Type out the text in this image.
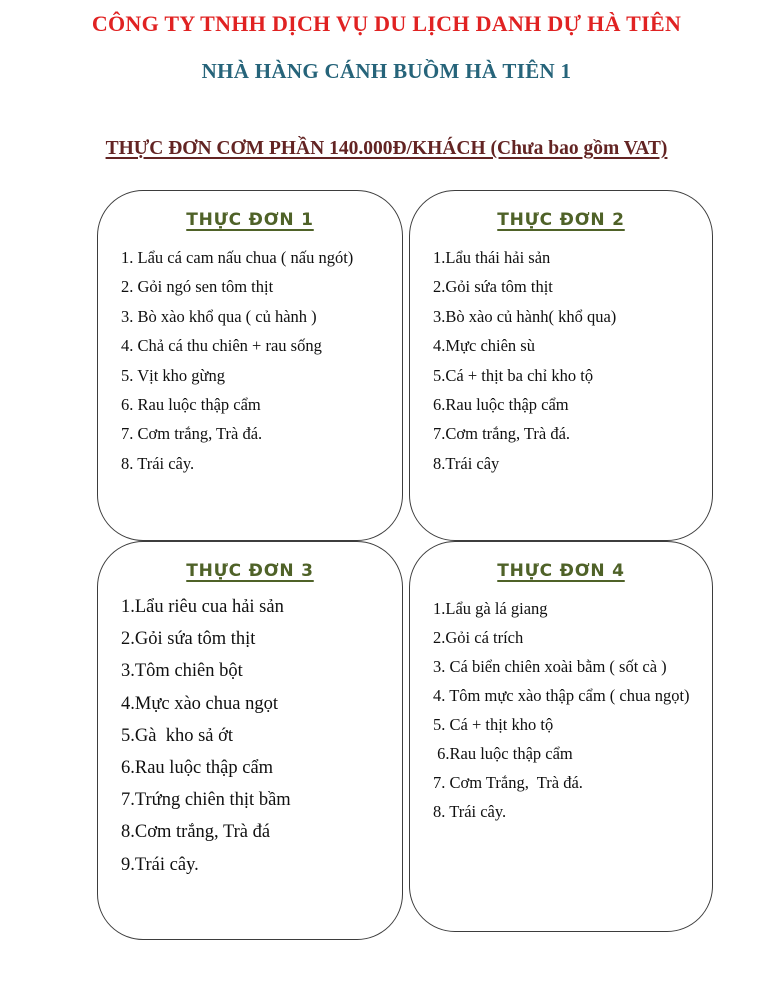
CÔNG TY TNHH DỊCH VỤ DU LỊCH DANH DỰ HÀ TIÊN
NHÀ HÀNG CÁNH BUỒM HÀ TIÊN 1
THỰC ĐƠN CƠM PHẦN 140.000Đ/KHÁCH (Chưa bao gồm VAT)
THỰC ĐƠN 1
1. Lẩu cá cam nấu chua ( nấu ngót)
2. Gỏi ngó sen tôm thịt
3. Bò xào khổ qua ( củ hành )
4. Chả cá thu chiên + rau sống
5. Vịt kho gừng
6. Rau luộc thập cẩm
7. Cơm trắng, Trà đá.
8. Trái cây.
THỰC ĐƠN 2
1.Lẩu thái hải sản
2.Gỏi sứa tôm thịt
3.Bò xào củ hành( khổ qua)
4.Mực chiên sù
5.Cá + thịt ba chỉ kho tộ
6.Rau luộc thập cẩm
7.Cơm trắng, Trà đá.
8.Trái cây
THỰC ĐƠN 3
1.Lẩu riêu cua hải sản
2.Gỏi sứa tôm thịt
3.Tôm chiên bột
4.Mực xào chua ngọt
5.Gà  kho sả ớt
6.Rau luộc thập cẩm
7.Trứng chiên thịt bầm
8.Cơm trắng, Trà đá
9.Trái cây.
THỰC ĐƠN 4
1.Lẩu gà lá giang
2.Gỏi cá trích
3. Cá biển chiên xoài bằm ( sốt cà )
4. Tôm mực xào thập cẩm ( chua ngọt)
5. Cá + thịt kho tộ
6.Rau luộc thập cẩm
7. Cơm Trắng,  Trà đá.
8. Trái cây.
